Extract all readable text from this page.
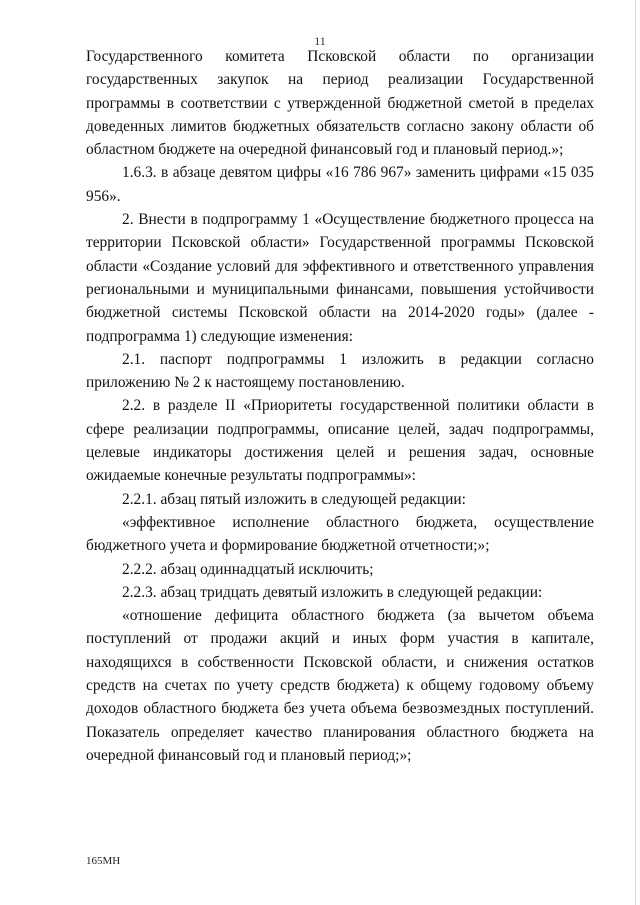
11

Государственного комитета Псковской области по организации государственных закупок на период реализации Государственной программы в соответствии с утвержденной бюджетной сметой в пределах доведенных лимитов бюджетных обязательств согласно закону области об областном бюджете на очередной финансовый год и плановый период.»;

1.6.3. в абзаце девятом цифры «16 786 967» заменить цифрами «15 035 956».

2. Внести в подпрограмму 1 «Осуществление бюджетного процесса на территории Псковской области» Государственной программы Псковской области «Создание условий для эффективного и ответственного управления региональными и муниципальными финансами, повышения устойчивости бюджетной системы Псковской области на 2014-2020 годы» (далее - подпрограмма 1) следующие изменения:

2.1. паспорт подпрограммы 1 изложить в редакции согласно приложению № 2 к настоящему постановлению.

2.2. в разделе II «Приоритеты государственной политики области в сфере реализации подпрограммы, описание целей, задач подпрограммы, целевые индикаторы достижения целей и решения задач, основные ожидаемые конечные результаты подпрограммы»:

2.2.1. абзац пятый изложить в следующей редакции:

«эффективное исполнение областного бюджета, осуществление бюджетного учета и формирование бюджетной отчетности;»;

2.2.2. абзац одиннадцатый исключить;

2.2.3. абзац тридцать девятый изложить в следующей редакции:

«отношение дефицита областного бюджета (за вычетом объема поступлений от продажи акций и иных форм участия в капитале, находящихся в собственности Псковской области, и снижения остатков средств на счетах по учету средств бюджета) к общему годовому объему доходов областного бюджета без учета объема безвозмездных поступлений. Показатель определяет качество планирования областного бюджета на очередной финансовый год и плановый период;»;

165МН
